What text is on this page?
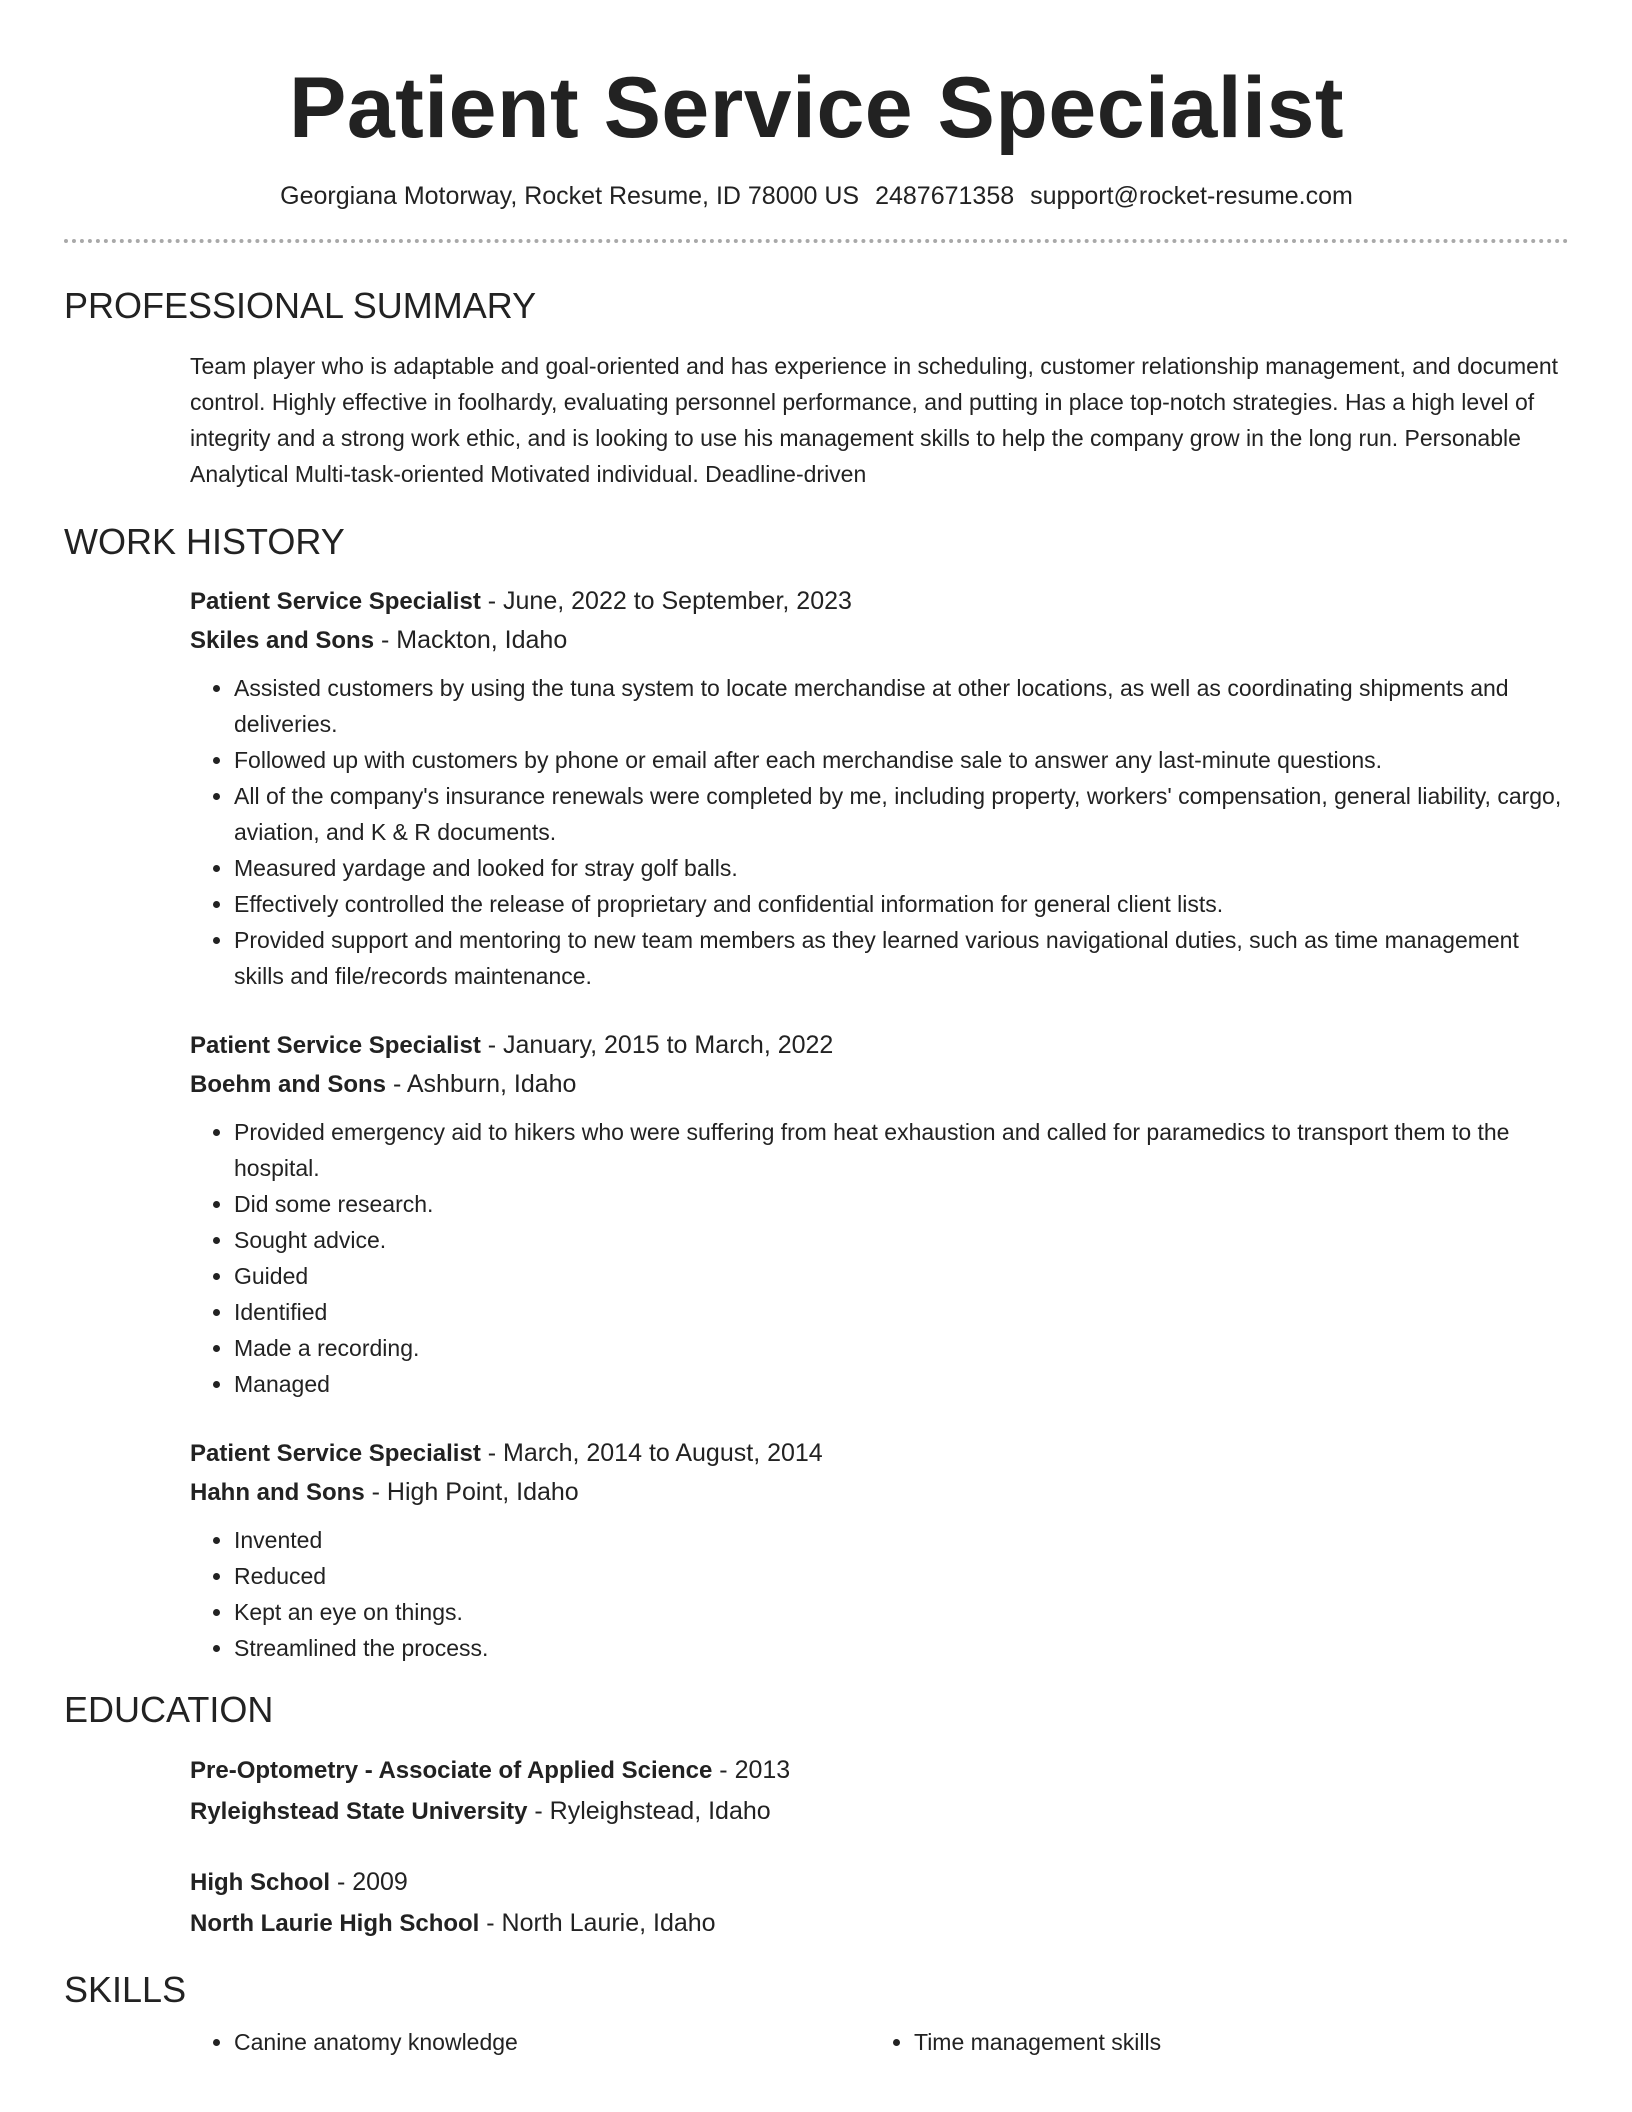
Patient Service Specialist
Georgiana Motorway, Rocket Resume, ID 78000 US 2487671358 support@rocket-resume.com
PROFESSIONAL SUMMARY
Team player who is adaptable and goal-oriented and has experience in scheduling, customer relationship management, and document control. Highly effective in foolhardy, evaluating personnel performance, and putting in place top-notch strategies. Has a high level of integrity and a strong work ethic, and is looking to use his management skills to help the company grow in the long run. Personable Analytical Multi-task-oriented Motivated individual. Deadline-driven
WORK HISTORY
Patient Service Specialist - June, 2022 to September, 2023
Skiles and Sons - Mackton, Idaho
• Assisted customers by using the tuna system to locate merchandise at other locations, as well as coordinating shipments and deliveries.
• Followed up with customers by phone or email after each merchandise sale to answer any last-minute questions.
• All of the company's insurance renewals were completed by me, including property, workers' compensation, general liability, cargo, aviation, and K & R documents.
• Measured yardage and looked for stray golf balls.
• Effectively controlled the release of proprietary and confidential information for general client lists.
• Provided support and mentoring to new team members as they learned various navigational duties, such as time management skills and file/records maintenance.
Patient Service Specialist - January, 2015 to March, 2022
Boehm and Sons - Ashburn, Idaho
• Provided emergency aid to hikers who were suffering from heat exhaustion and called for paramedics to transport them to the hospital.
• Did some research.
• Sought advice.
• Guided
• Identified
• Made a recording.
• Managed
Patient Service Specialist - March, 2014 to August, 2014
Hahn and Sons - High Point, Idaho
• Invented
• Reduced
• Kept an eye on things.
• Streamlined the process.
EDUCATION
Pre-Optometry - Associate of Applied Science - 2013
Ryleighstead State University - Ryleighstead, Idaho
High School - 2009
North Laurie High School - North Laurie, Idaho
SKILLS
• Canine anatomy knowledge
•	Time management skills
